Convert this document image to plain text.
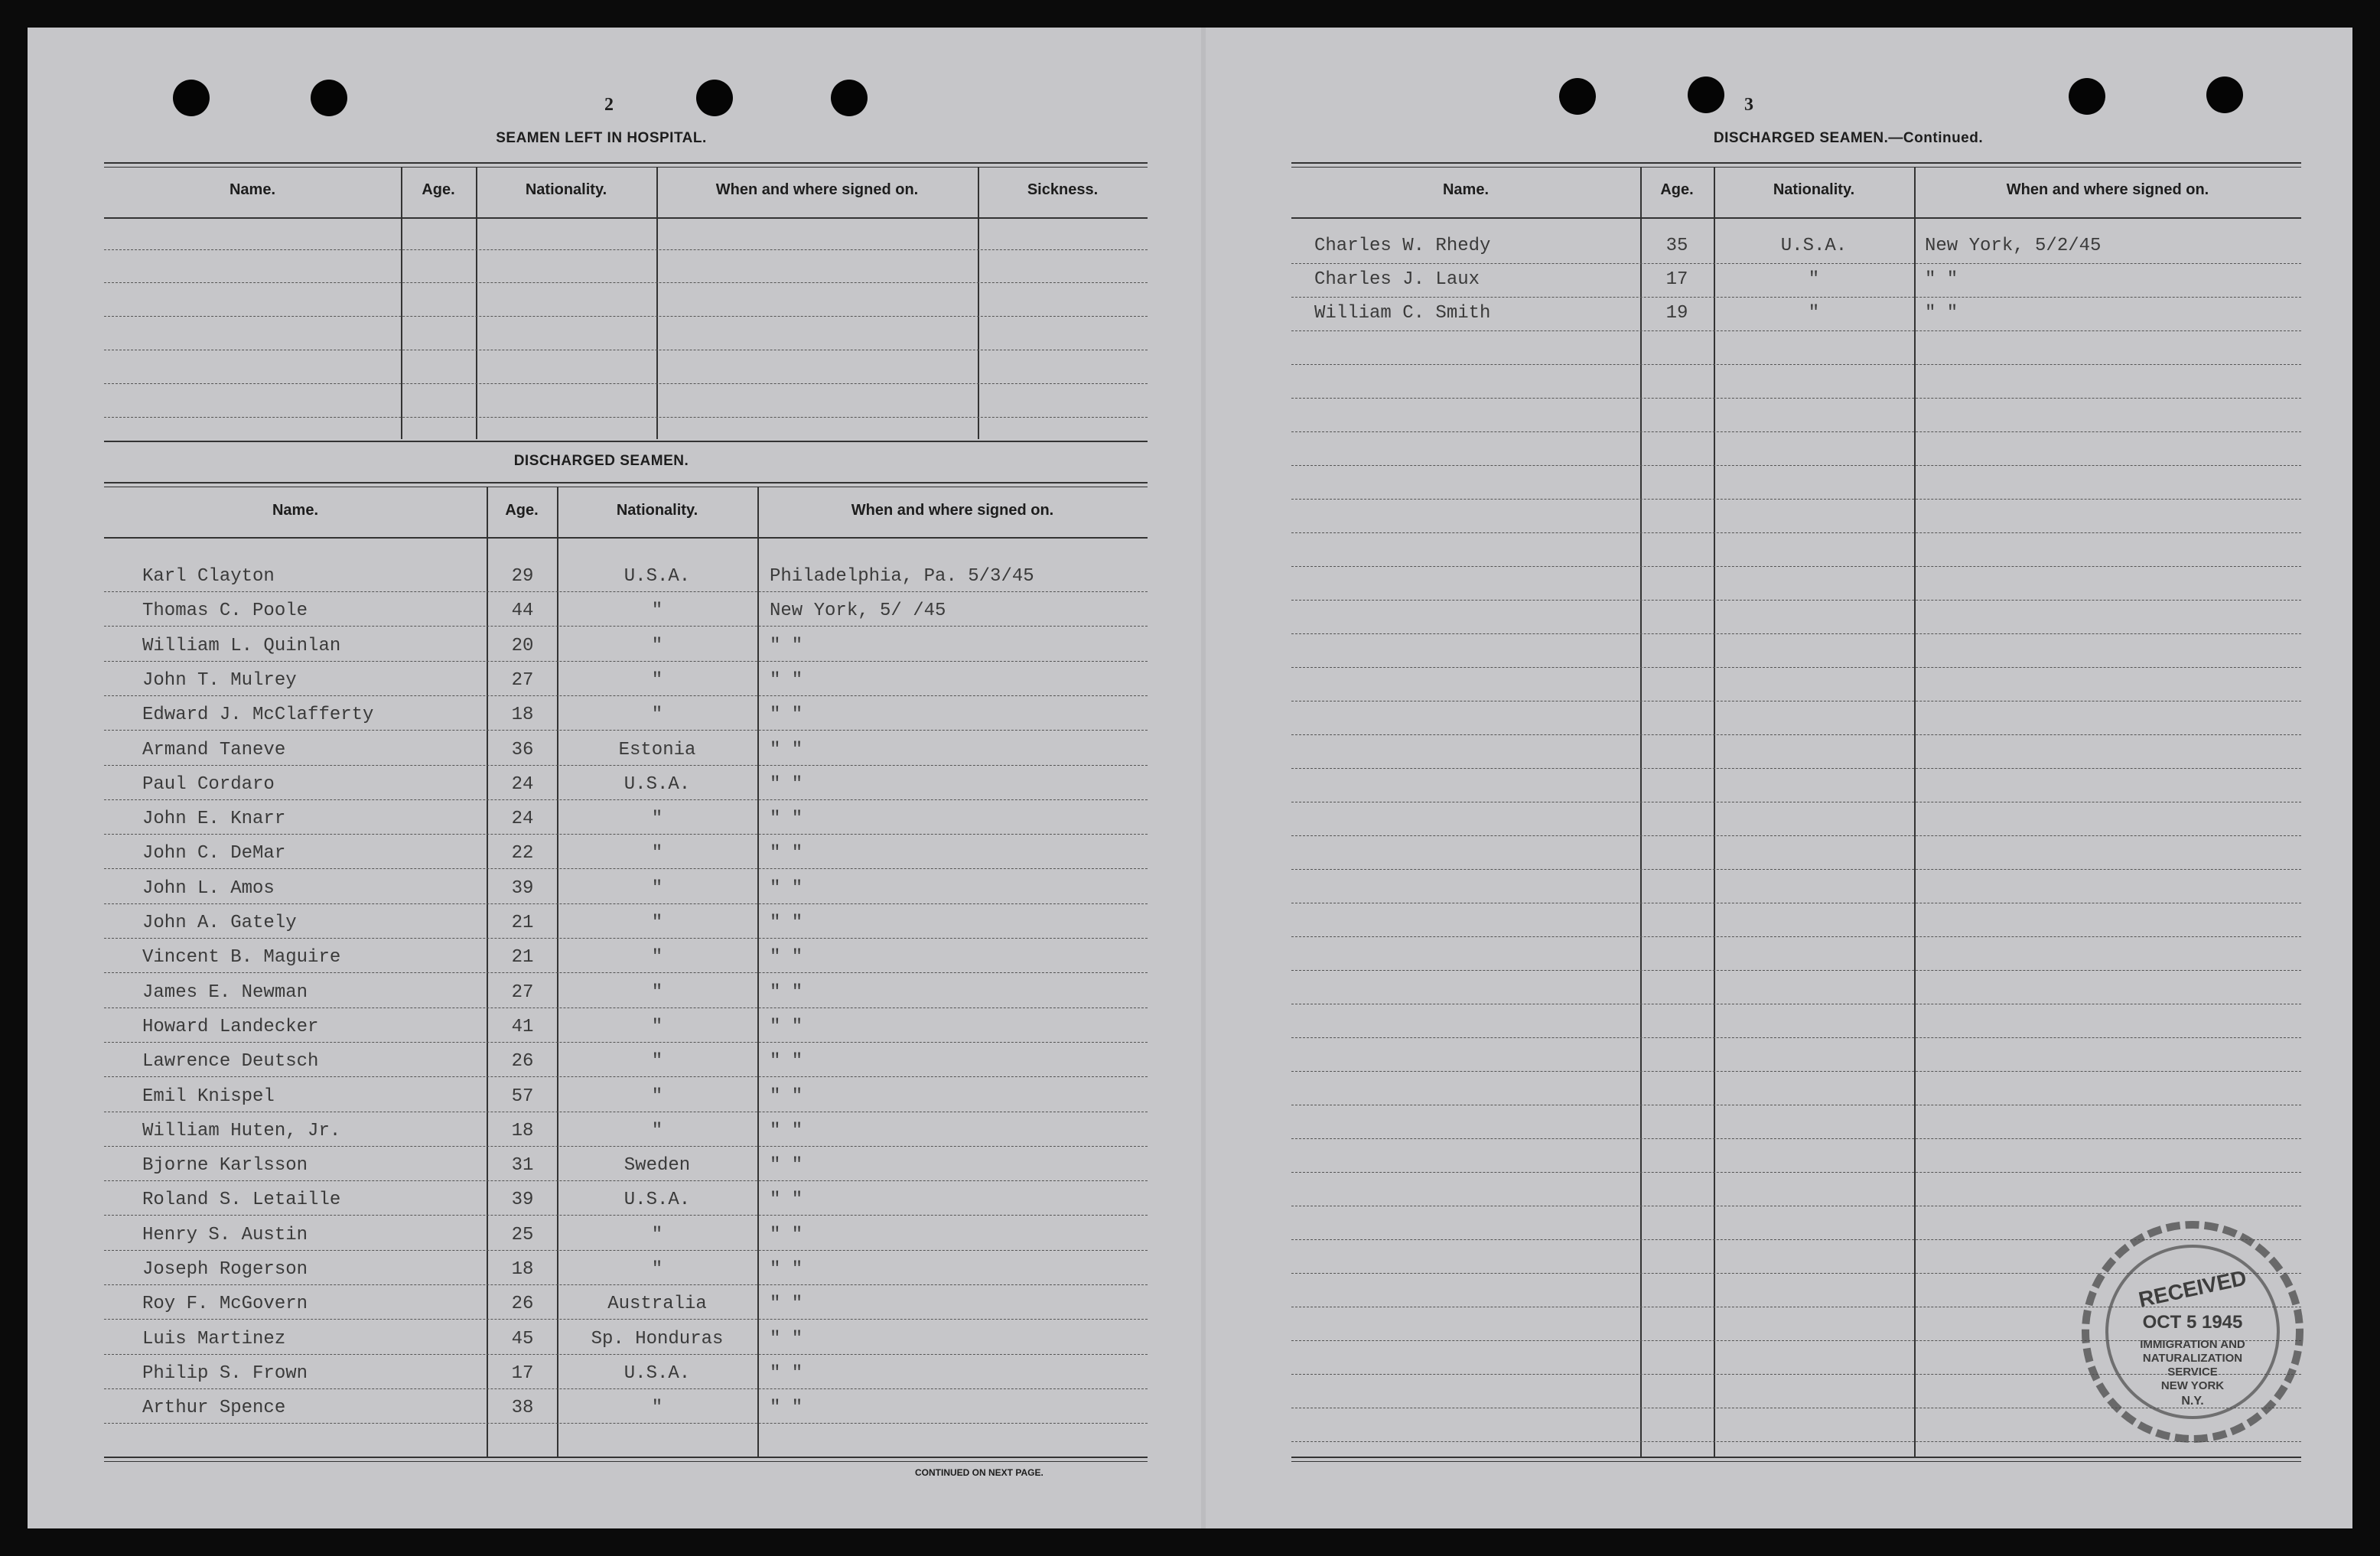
2
SEAMEN LEFT IN HOSPITAL.
Name.	Age.	Nationality.	When and where signed on.	Sickness.
DISCHARGED SEAMEN.
Name.	Age.	Nationality.	When and where signed on.
Karl Clayton	29	U.S.A.	Philadelphia, Pa. 5/3/45
Thomas C. Poole	44	"	New York, 5/ /45
William L. Quinlan	20	"	" "
John T. Mulrey	27	"	" "
Edward J. McClafferty	18	"	" "
Armand Taneve	36	Estonia	" "
Paul Cordaro	24	U.S.A.	" "
John E. Knarr	24	"	" "
John C. DeMar	22	"	" "
John L. Amos	39	"	" "
John A. Gately	21	"	" "
Vincent B. Maguire	21	"	" "
James E. Newman	27	"	" "
Howard Landecker	41	"	" "
Lawrence Deutsch	26	"	" "
Emil Knispel	57	"	" "
William Huten, Jr.	18	"	" "
Bjorne Karlsson	31	Sweden	" "
Roland S. Letaille	39	U.S.A.	" "
Henry S. Austin	25	"	" "
Joseph Rogerson	18	"	" "
Roy F. McGovern	26	Australia	" "
Luis Martinez	45	Sp. Honduras	" "
Philip S. Frown	17	U.S.A.	" "
Arthur Spence	38	"	" "
CONTINUED ON NEXT PAGE.
3
DISCHARGED SEAMEN.—Continued.
Name.	Age.	Nationality.	When and where signed on.
Charles W. Rhedy	35	U.S.A.	New York, 5/2/45
Charles J. Laux	17	"	" "
William C. Smith	19	"	" "
RECEIVED
OCT 5 1945
IMMIGRATION AND
NATURALIZATION
SERVICE
NEW YORK
N.Y.
